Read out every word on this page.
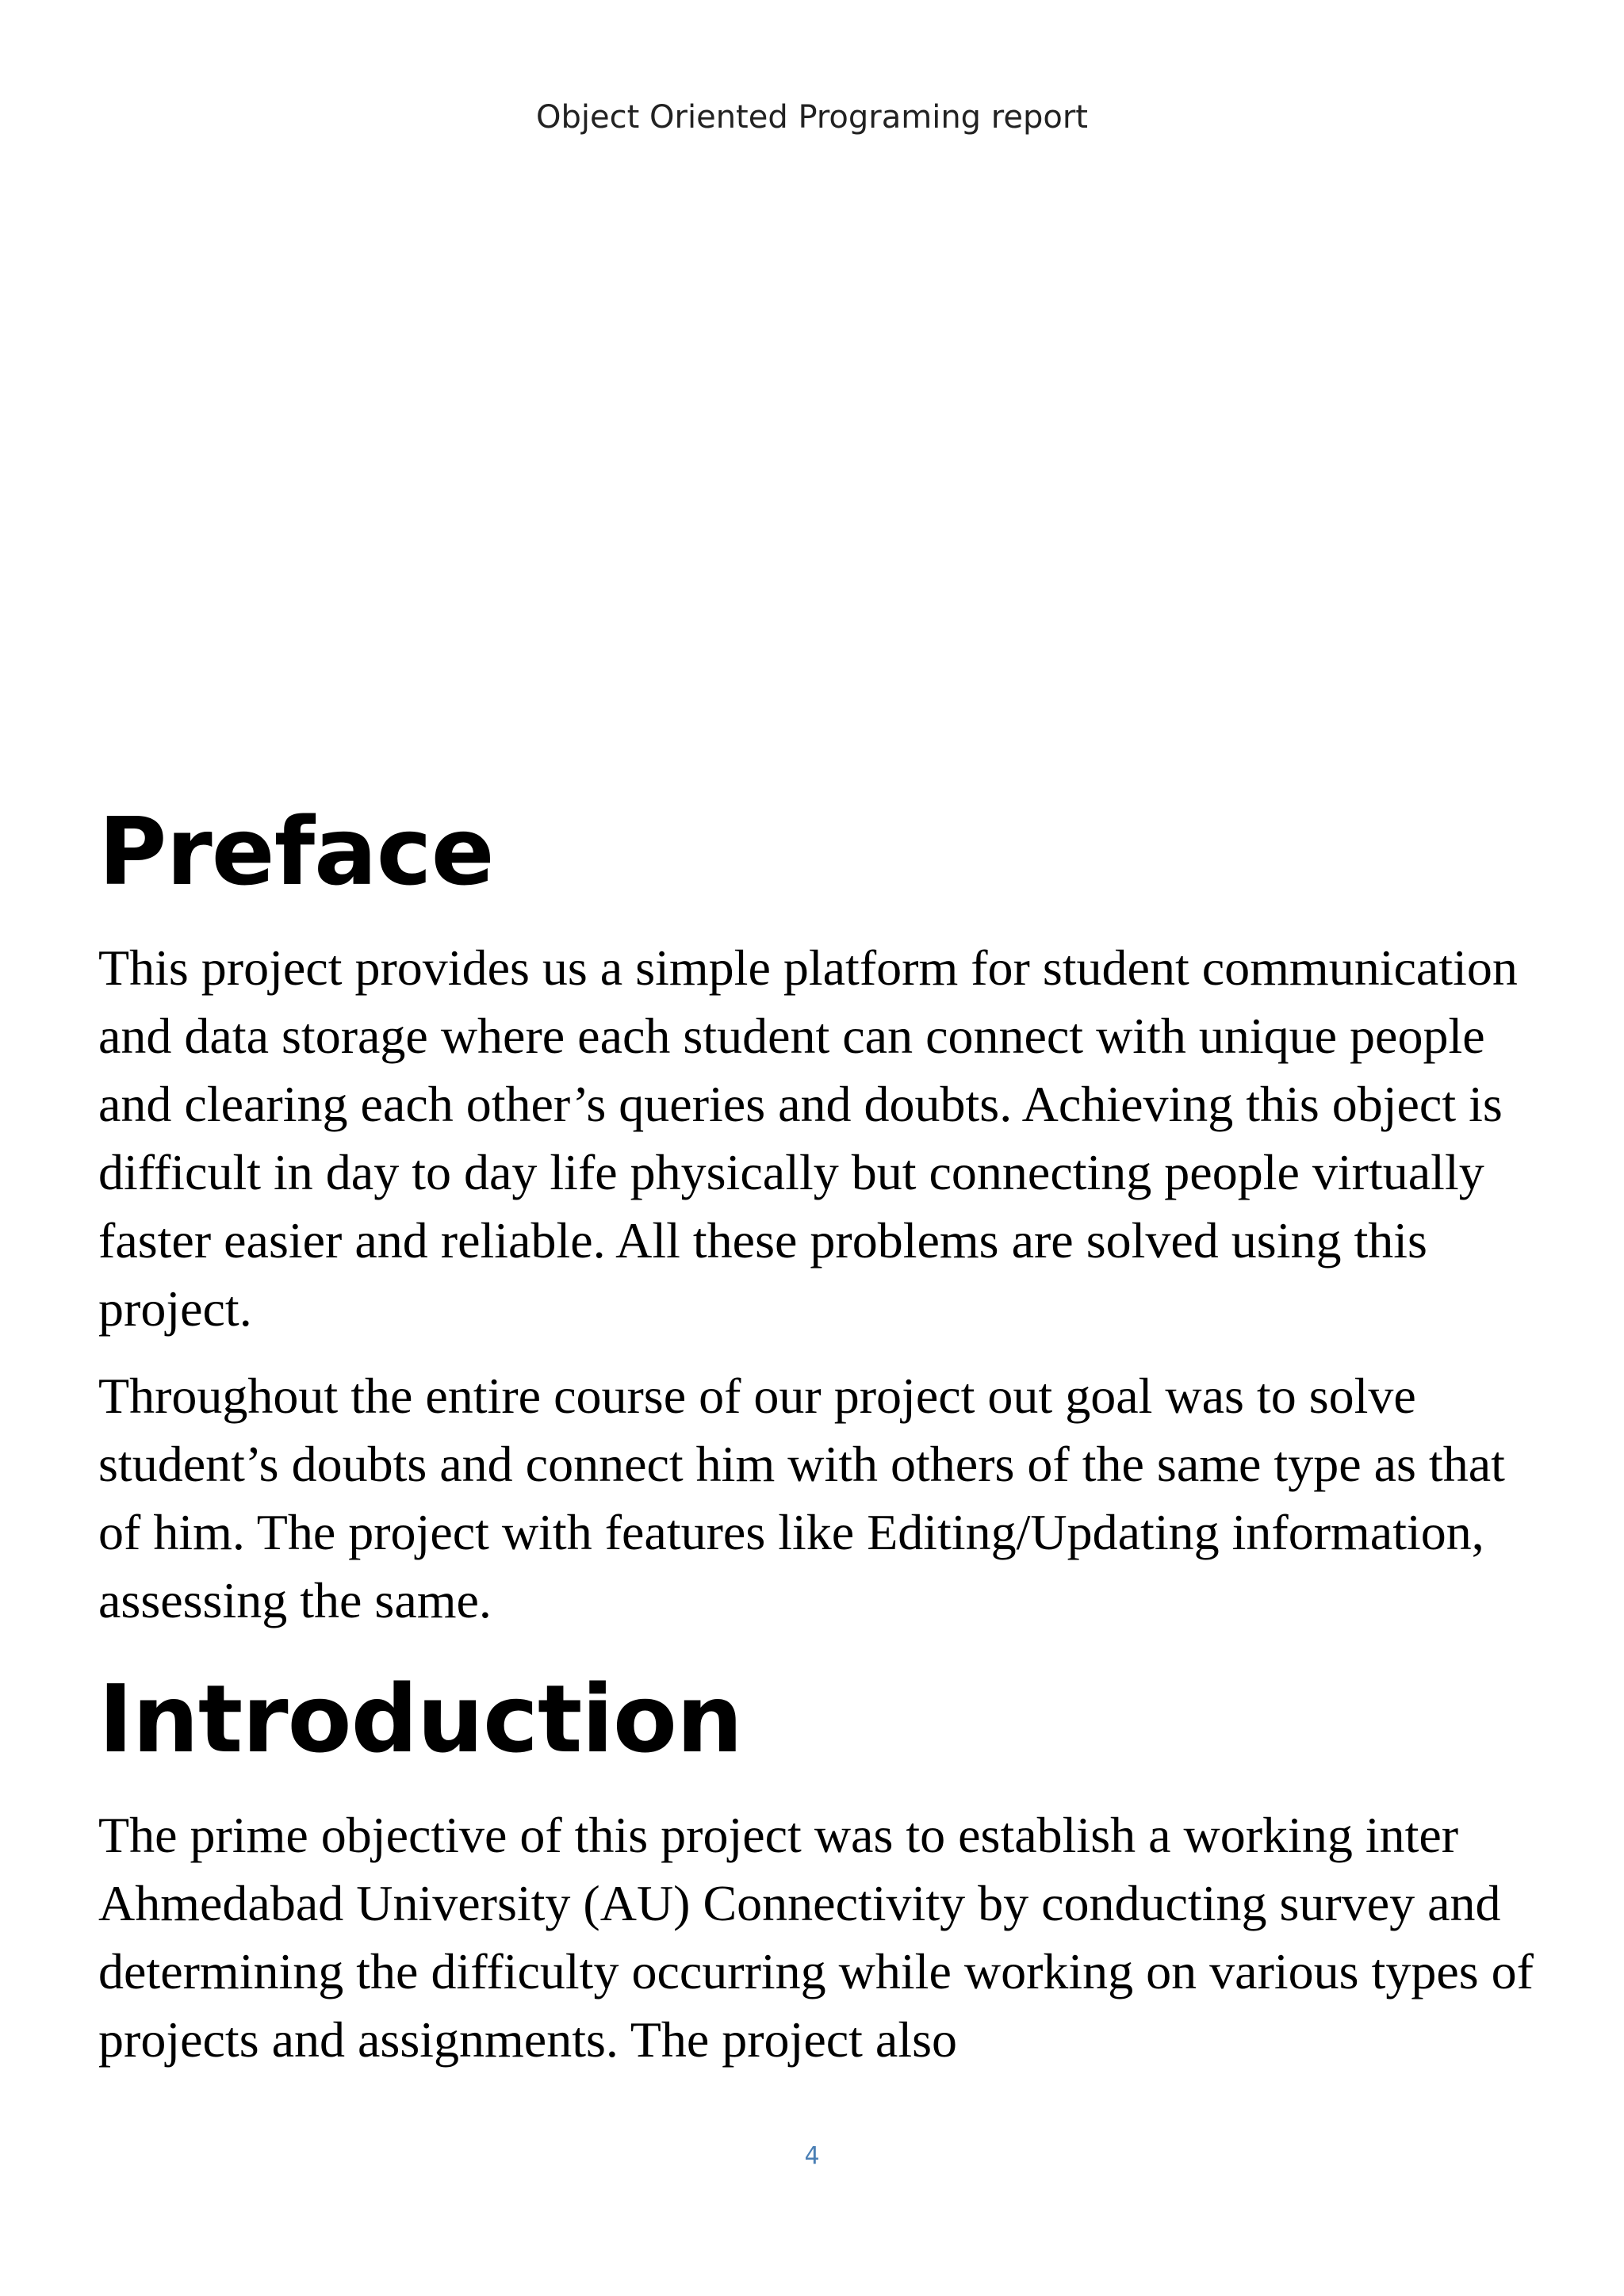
Object Oriented Programing report

Preface

This project provides us a simple platform for student communication and data storage where each student can connect with unique people and clearing each other’s queries and doubts. Achieving this object is difficult in day to day life physically but connecting people virtually faster easier and reliable. All these problems are solved using this project.

Throughout the entire course of our project out goal was to solve student’s doubts and connect him with others of the same type as that of him. The project with features like Editing/Updating information, assessing the same.

Introduction

The prime objective of this project was to establish a working inter Ahmedabad University (AU) Connectivity by conducting survey and determining the difficulty occurring while working on various types of projects and assignments. The project also

4
